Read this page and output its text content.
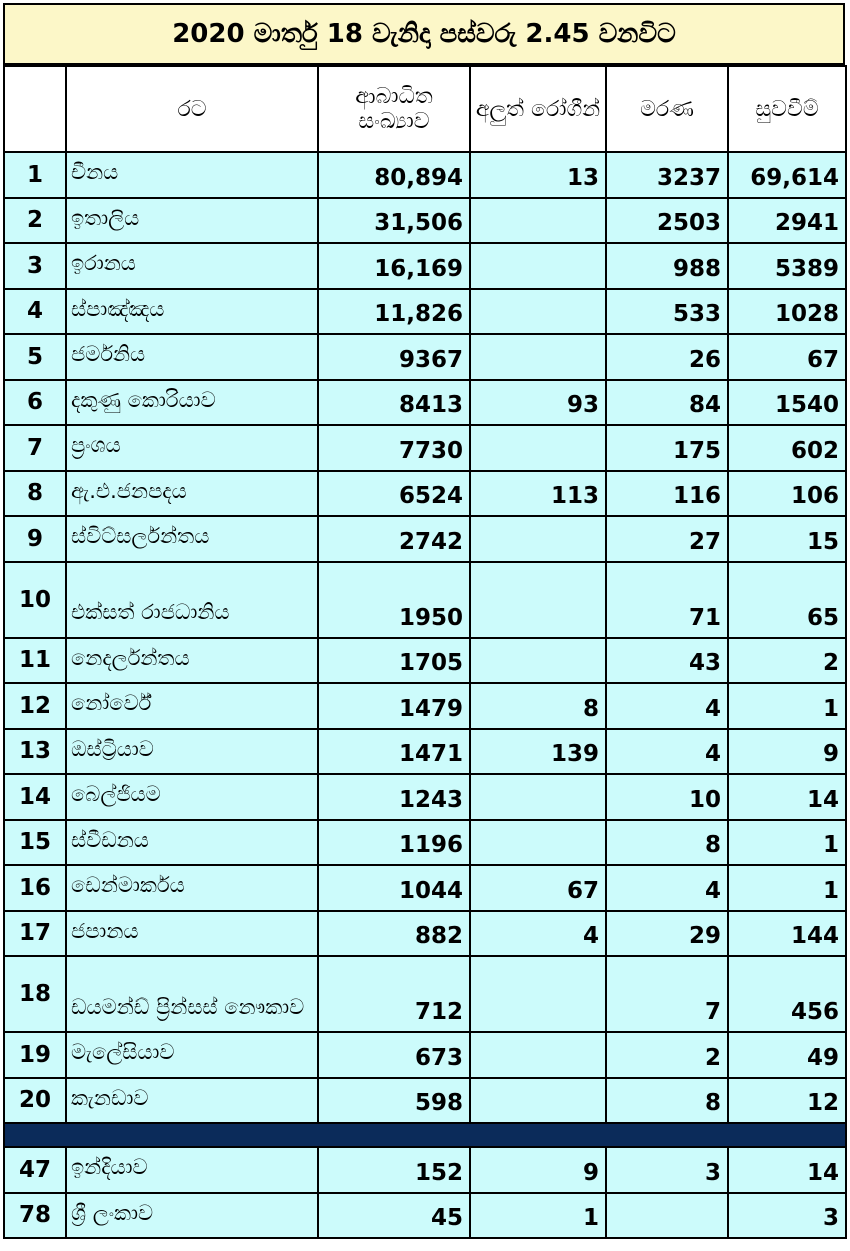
2020 මාර්තු 18 වැනිදා පස්වරු 2.45 වනවිට
	රට	ආබාධිත සංඛ්‍යාව	අලුත් රෝගීන්	මරණ	සුවවීම්
1	චීනය	80,894	13	3237	69,614
2	ඉතාලිය	31,506		2503	2941
3	ඉරානය	16,169		988	5389
4	ස්පාඤ්ඤය	11,826		533	1028
5	ජර්මනිය	9367		26	67
6	දකුණු කොරියාව	8413	93	84	1540
7	ප්‍රංශය	7730		175	602
8	ඇ.එ.ජනපදය	6524	113	116	106
9	ස්විට්සර්ලන්තය	2742		27	15
10	එක්සත් රාජධානිය	1950		71	65
11	නෙදර්ලන්තය	1705		43	2
12	නෝර්වේ	1479	8	4	1
13	ඔස්ට්‍රියාව	1471	139	4	9
14	බෙල්ජියම	1243		10	14
15	ස්වීඩනය	1196		8	1
16	ඩෙන්මාර්කය	1044	67	4	1
17	ජපානය	882	4	29	144
18	ඩයමන්ඩ් ප්‍රින්සස් නෞකාව	712		7	456
19	මැලේසියාව	673		2	49
20	කැනඩාව	598		8	12

47	ඉන්දියාව	152	9	3	14
78	ශ්‍රී ලංකාව	45	1		3
